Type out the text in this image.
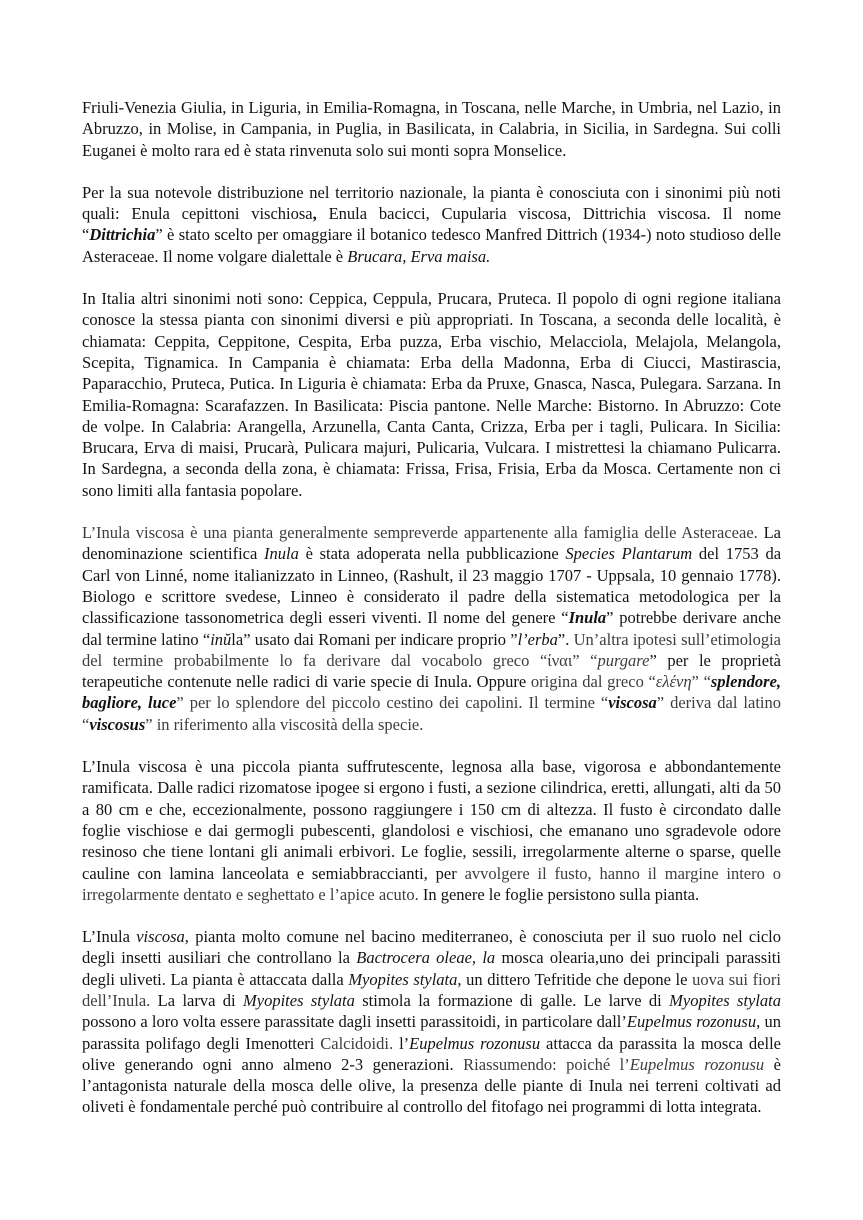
Friuli-Venezia Giulia, in Liguria, in Emilia-Romagna, in Toscana, nelle Marche, in Umbria, nel Lazio, in Abruzzo, in Molise, in Campania, in Puglia, in Basilicata, in Calabria, in Sicilia, in Sardegna. Sui colli Euganei è molto rara ed è stata rinvenuta solo sui monti sopra Monselice.

Per la sua notevole distribuzione nel territorio nazionale, la pianta è conosciuta con i sinonimi più noti quali: Enula cepittoni vischiosa, Enula bacicci, Cupularia viscosa, Dittrichia viscosa. Il nome “Dittrichia” è stato scelto per omaggiare il botanico tedesco Manfred Dittrich (1934-) noto studioso delle Asteraceae. Il nome volgare dialettale è Brucara, Erva maisa.

In Italia altri sinonimi noti sono: Ceppica, Ceppula, Prucara, Pruteca. Il popolo di ogni regione italiana conosce la stessa pianta con sinonimi diversi e più appropriati. In Toscana, a seconda delle località, è chiamata: Ceppita, Ceppitone, Cespita, Erba puzza, Erba vischio, Melacciola, Melajola, Melangola, Scepita, Tignamica. In Campania è chiamata: Erba della Madonna, Erba di Ciucci, Mastirascia, Paparacchio, Pruteca, Putica. In Liguria è chiamata: Erba da Pruxe, Gnasca, Nasca, Pulegara. Sarzana. In Emilia-Romagna: Scarafazzen. In Basilicata: Piscia pantone. Nelle Marche: Bistorno. In Abruzzo: Cote de volpe. In Calabria: Arangella, Arzunella, Canta Canta, Crizza, Erba per i tagli, Pulicara. In Sicilia: Brucara, Erva di maisi, Prucarà, Pulicara majuri, Pulicaria, Vulcara. I mistrettesi la chiamano Pulicarra. In Sardegna, a seconda della zona, è chiamata: Frissa, Frisa, Frisia, Erba da Mosca. Certamente non ci sono limiti alla fantasia popolare.

L’Inula viscosa è una pianta generalmente sempreverde appartenente alla famiglia delle Asteraceae. La denominazione scientifica Inula è stata adoperata nella pubblicazione Species Plantarum del 1753 da Carl von Linné, nome italianizzato in Linneo, (Rashult, il 23 maggio 1707 - Uppsala, 10 gennaio 1778). Biologo e scrittore svedese, Linneo è considerato il padre della sistematica metodologica per la classificazione tassonometrica degli esseri viventi. Il nome del genere “Inula” potrebbe derivare anche dal termine latino “inŭla” usato dai Romani per indicare proprio ”l’erba”. Un’altra ipotesi sull’etimologia del termine probabilmente lo fa derivare dal vocabolo greco “ίναι” “purgare” per le proprietà terapeutiche contenute nelle radici di varie specie di Inula. Oppure origina dal greco “ελένη” “splendore, bagliore, luce” per lo splendore del piccolo cestino dei capolini. Il termine “viscosa” deriva dal latino “viscosus” in riferimento alla viscosità della specie.

L’Inula viscosa è una piccola pianta suffrutescente, legnosa alla base, vigorosa e abbondantemente ramificata. Dalle radici rizomatose ipogee si ergono i fusti, a sezione cilindrica, eretti, allungati, alti da 50 a 80 cm e che, eccezionalmente, possono raggiungere i 150 cm di altezza. Il fusto è circondato dalle foglie vischiose e dai germogli pubescenti, glandolosi e vischiosi, che emanano uno sgradevole odore resinoso che tiene lontani gli animali erbivori. Le foglie, sessili, irregolarmente alterne o sparse, quelle cauline con lamina lanceolata e semiabbraccianti, per avvolgere il fusto, hanno il margine intero o irregolarmente dentato e seghettato e l’apice acuto. In genere le foglie persistono sulla pianta.

L’Inula viscosa, pianta molto comune nel bacino mediterraneo, è conosciuta per il suo ruolo nel ciclo degli insetti ausiliari che controllano la Bactrocera oleae, la mosca olearia,uno dei principali parassiti degli uliveti. La pianta è attaccata dalla Myopites stylata, un dittero Tefritide che depone le uova sui fiori dell’Inula. La larva di Myopites stylata stimola la formazione di galle. Le larve di Myopites stylata possono a loro volta essere parassitate dagli insetti parassitoidi, in particolare dall’Eupelmus rozonusu, un parassita polifago degli Imenotteri Calcidoidi. l’Eupelmus rozonusu attacca da parassita la mosca delle olive generando ogni anno almeno 2-3 generazioni. Riassumendo: poiché l’Eupelmus rozonusu è l’antagonista naturale della mosca delle olive, la presenza delle piante di Inula nei terreni coltivati ad oliveti è fondamentale perché può contribuire al controllo del fitofago nei programmi di lotta integrata.
